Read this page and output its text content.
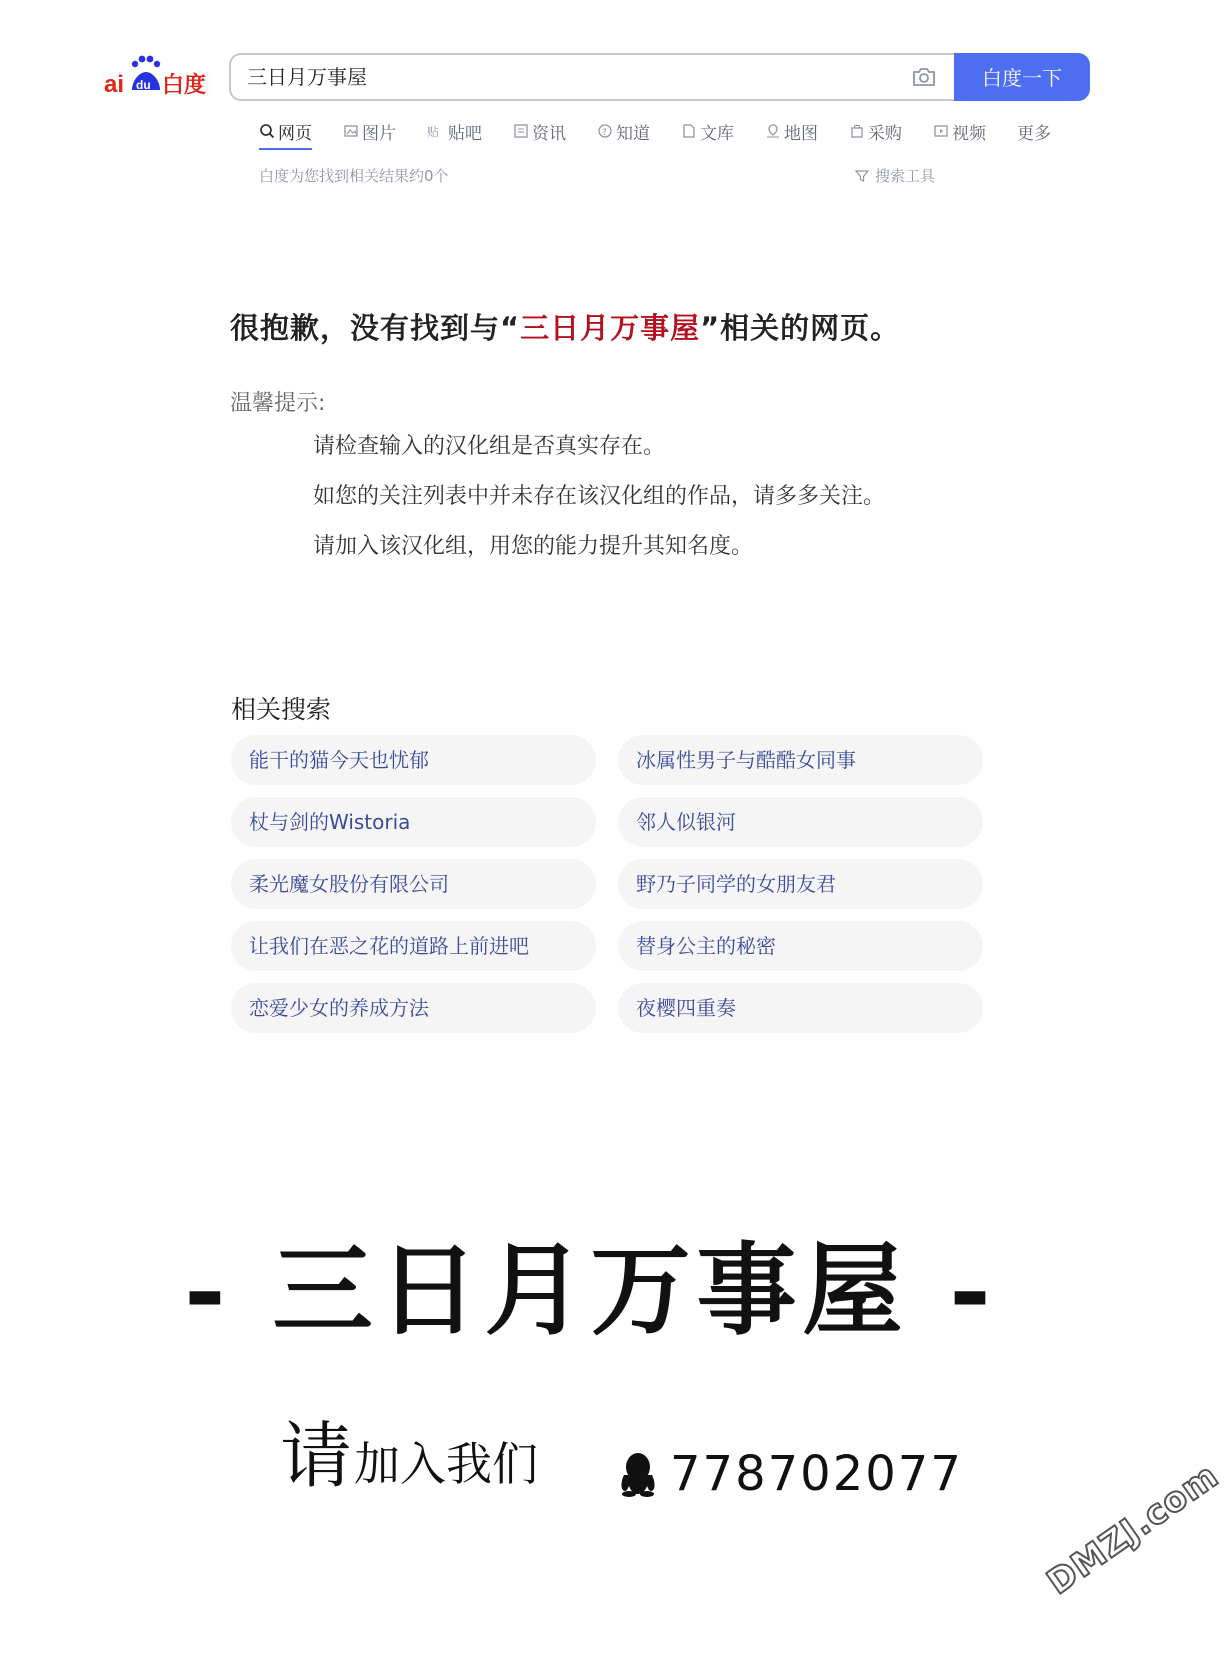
ai du 白度
三日月万事屋	白度一下
网页	图片	贴 贴吧	资讯	? 知道	文库	地图	采购	视频 更多
白度为您找到相关结果约0个	搜索工具
很抱歉，没有找到与“三日月万事屋”相关的网页。
温馨提示:
请检查输入的汉化组是否真实存在。
如您的关注列表中并未存在该汉化组的作品，请多多关注。
请加入该汉化组，用您的能力提升其知名度。
相关搜索
能干的猫今天也忧郁	冰属性男子与酷酷女同事
杖与剑的Wistoria	邻人似银河
柔光魔女股份有限公司	野乃子同学的女朋友君
让我们在恶之花的道路上前进吧	替身公主的秘密
恋爱少女的养成方法	夜樱四重奏
- 三日月万事屋 -
请 加入我们	778702077 DMZJ.com
